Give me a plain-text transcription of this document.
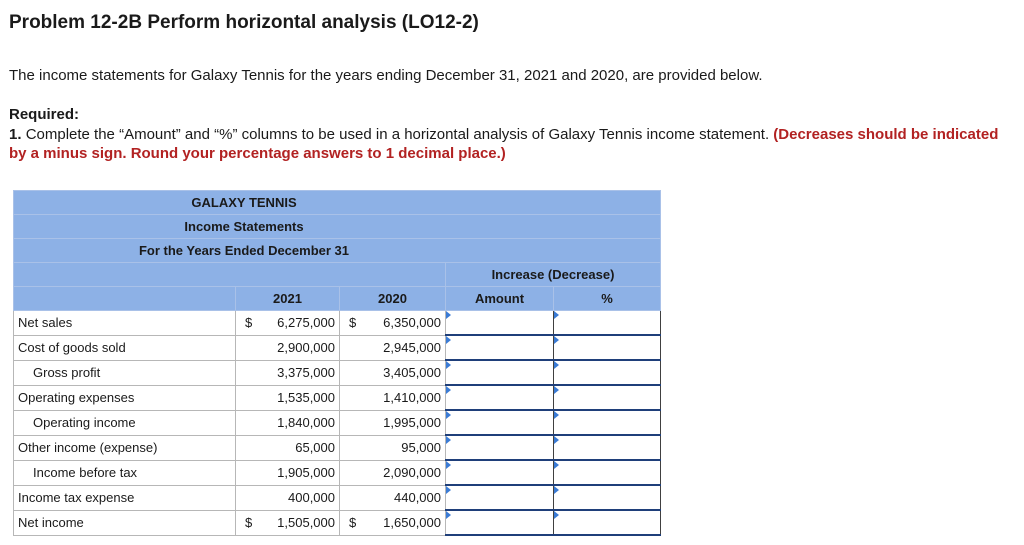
Problem 12-2B Perform horizontal analysis (LO12-2)

The income statements for Galaxy Tennis for the years ending December 31, 2021 and 2020, are provided below.

Required:

1. Complete the “Amount” and “%” columns to be used in a horizontal analysis of Galaxy Tennis income statement. (Decreases should be indicated by a minus sign. Round your percentage answers to 1 decimal place.)

GALAXY TENNIS				
Income Statements				
For the Years Ended December 31				
			Increase (Decrease)	
	2021	2020	Amount	%
Net sales	$ 6,275,000	$ 6,350,000	

Cost of goods sold	2,900,000	2,945,000	

Gross profit	3,375,000	3,405,000	

Operating expenses	1,535,000	1,410,000	

Operating income	1,840,000	1,995,000	

Other income (expense)	65,000	95,000	

Income before tax	1,905,000	2,090,000	

Income tax expense	400,000	440,000	

Net income	$ 1,505,000	$ 1,650,000	
